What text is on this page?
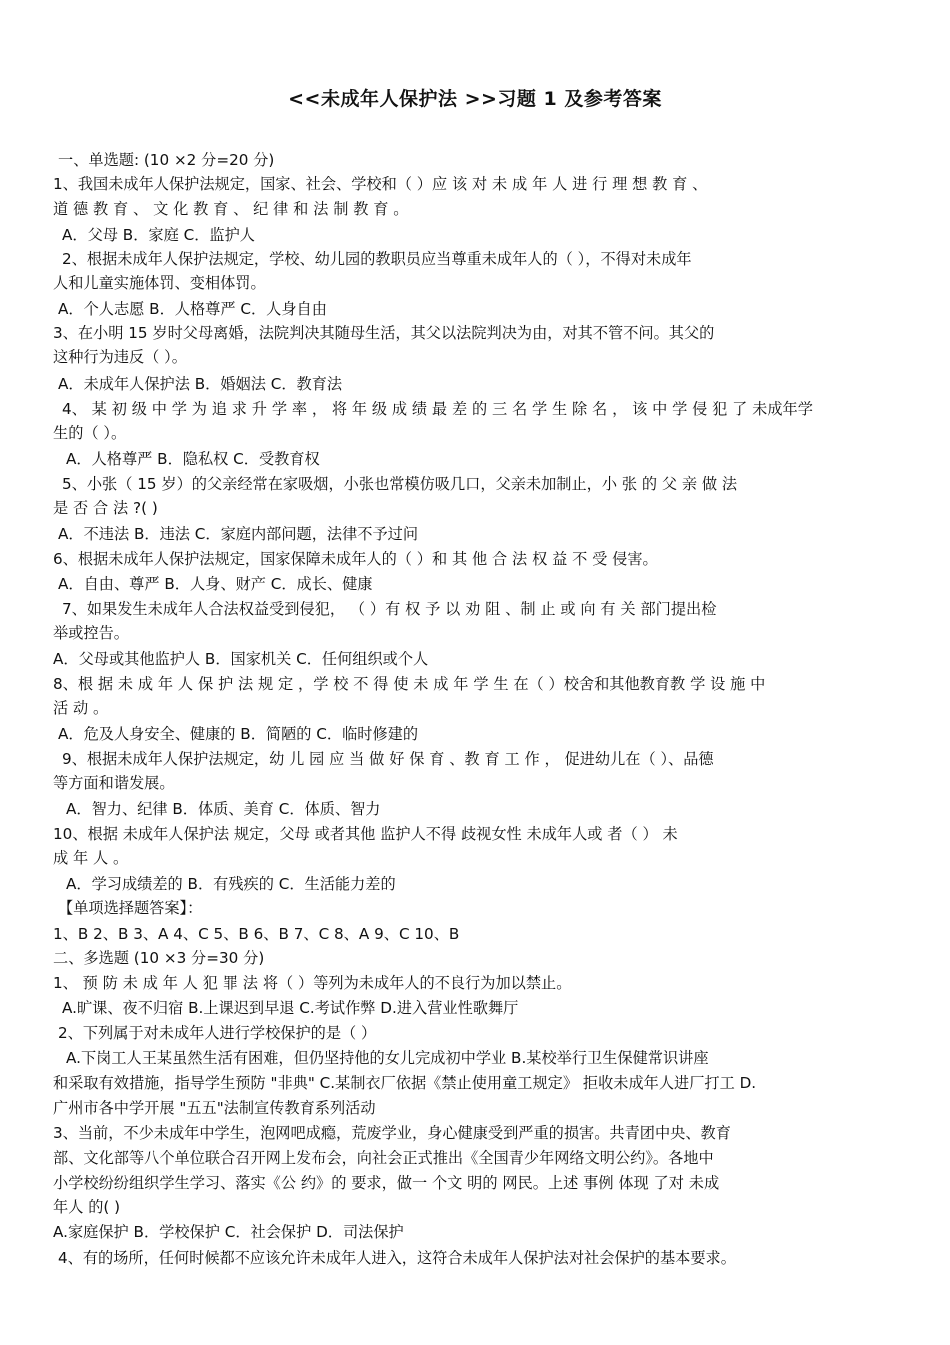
<<未成年人保护法 >>习题 1 及参考答案
一、单选题: (10 ×2 分=20 分)
1、我国未成年人保护法规定，国家、社会、学校和（ ）应 该 对 未 成 年 人 进 行 理 想 教 育 、
道 德 教 育 、 文 化 教 育 、 纪 律 和 法 制 教 育 。
A．父母 B．家庭 C．监护人
2、根据未成年人保护法规定，学校、幼儿园的教职员应当尊重未成年人的（ ），不得对未成年
人和儿童实施体罚、变相体罚。
A．个人志愿 B．人格尊严 C．人身自由
3、在小明 15 岁时父母离婚，法院判决其随母生活，其父以法院判决为由，对其不管不问。其父的
这种行为违反（ ）。
A．未成年人保护法 B．婚姻法 C．教育法
4、 某 初 级 中 学 为 追 求 升 学 率 ， 将 年 级 成 绩 最 差 的 三 名 学 生 除 名 ， 该 中 学 侵 犯 了 未成年学
生的（ ）。
A．人格尊严 B．隐私权 C．受教育权
5、小张（ 15 岁）的父亲经常在家吸烟，小张也常模仿吸几口，父亲未加制止，小 张 的 父 亲 做 法
是 否 合 法 ?( )
A．不违法 B．违法 C．家庭内部问题，法律不予过问
6、根据未成年人保护法规定，国家保障未成年人的（ ）和 其 他 合 法 权 益 不 受 侵害。
A．自由、尊严 B．人身、财产 C．成长、健康
7、如果发生未成年人合法权益受到侵犯， （ ）有 权 予 以 劝 阻 、制 止 或 向 有 关 部门提出检
举或控告。
A．父母或其他监护人 B．国家机关 C．任何组织或个人
8、根 据 未 成 年 人 保 护 法 规 定 ，学 校 不 得 使 未 成 年 学 生 在（ ）校舍和其他教育教 学 设 施 中
活 动 。
A．危及人身安全、健康的 B．简陋的 C．临时修建的
9、根据未成年人保护法规定，幼 儿 园 应 当 做 好 保 育 、教 育 工 作 ， 促进幼儿在（ ）、品德
等方面和谐发展。
A．智力、纪律 B．体质、美育 C．体质、智力
10、根据 未成年人保护法 规定，父母 或者其他 监护人不得 歧视女性 未成年人或 者（ ） 未
成 年 人 。
A．学习成绩差的 B．有残疾的 C．生活能力差的
【单项选择题答案】：
1、B 2、B 3、A 4、C 5、B 6、B 7、C 8、A 9、C 10、B
二、多选题 (10 ×3 分=30 分)
1、 预 防 未 成 年 人 犯 罪 法 将（ ）等列为未成年人的不良行为加以禁止。
A.旷课、夜不归宿 B.上课迟到早退 C.考试作弊 D.进入营业性歌舞厅
2、下列属于对未成年人进行学校保护的是（ ）
A.下岗工人王某虽然生活有困难，但仍坚持他的女儿完成初中学业 B.某校举行卫生保健常识讲座
和采取有效措施，指导学生预防 "非典" C.某制衣厂依据《禁止使用童工规定》 拒收未成年人进厂打工 D.
广州市各中学开展 "五五"法制宣传教育系列活动
3、当前，不少未成年中学生，泡网吧成瘾，荒废学业，身心健康受到严重的损害。共青团中央、教育
部、文化部等八个单位联合召开网上发布会，向社会正式推出《全国青少年网络文明公约》。各地中
小学校纷纷组织学生学习、落实《公 约》的 要求，做一 个文 明的 网民。上述 事例 体现 了对 未成
年人 的( )
A.家庭保护 B．学校保护 C．社会保护 D．司法保护
4、有的场所，任何时候都不应该允许未成年人进入，这符合未成年人保护法对社会保护的基本要求。
